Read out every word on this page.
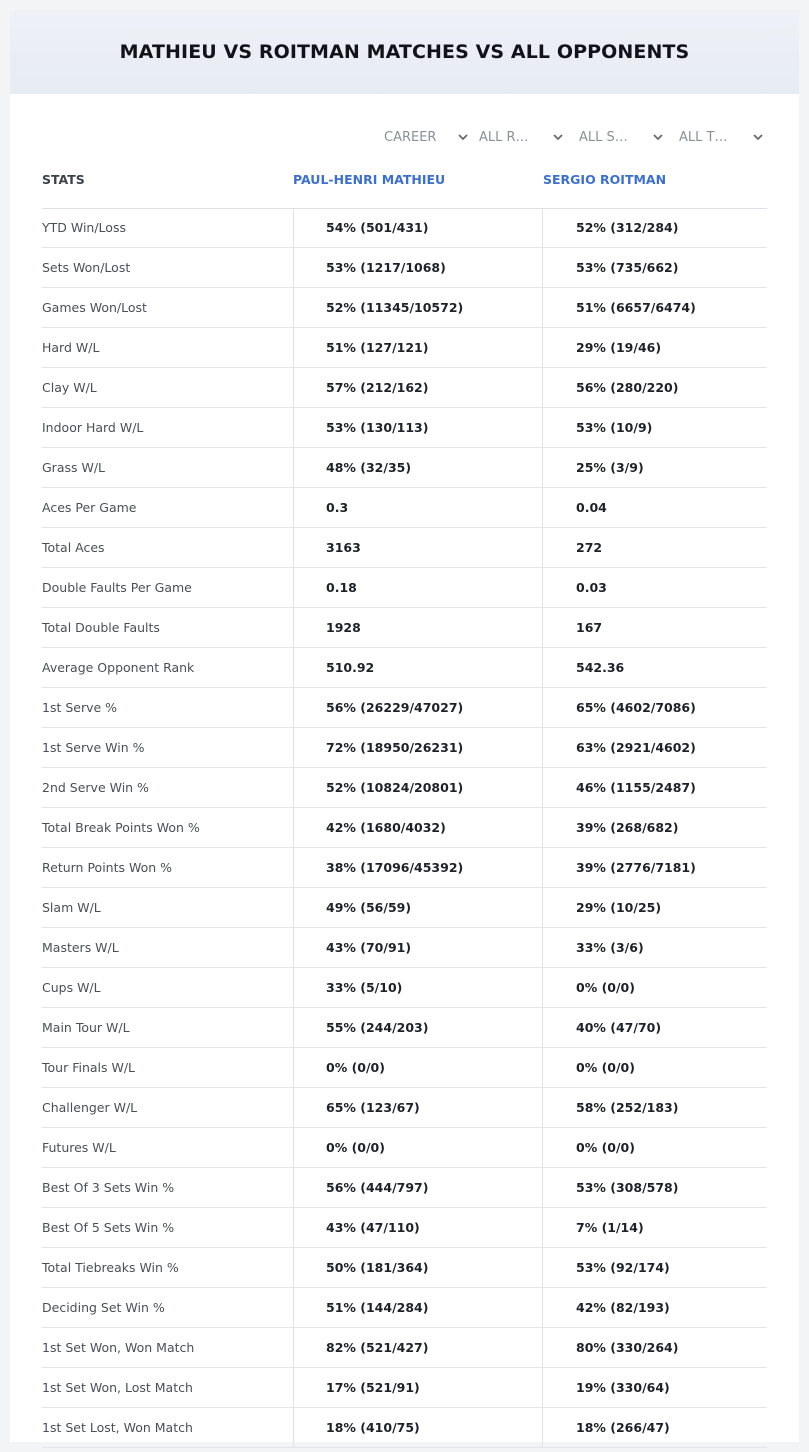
MATHIEU VS ROITMAN MATCHES VS ALL OPPONENTS
CAREER	ALL R…	ALL S…	ALL T…
STATS	PAUL-HENRI MATHIEU	SERGIO ROITMAN
YTD Win/Loss	54% (501/431)	52% (312/284)
Sets Won/Lost	53% (1217/1068)	53% (735/662)
Games Won/Lost	52% (11345/10572)	51% (6657/6474)
Hard W/L	51% (127/121)	29% (19/46)
Clay W/L	57% (212/162)	56% (280/220)
Indoor Hard W/L	53% (130/113)	53% (10/9)
Grass W/L	48% (32/35)	25% (3/9)
Aces Per Game	0.3	0.04
Total Aces	3163	272
Double Faults Per Game	0.18	0.03
Total Double Faults	1928	167
Average Opponent Rank	510.92	542.36
1st Serve %	56% (26229/47027)	65% (4602/7086)
1st Serve Win %	72% (18950/26231)	63% (2921/4602)
2nd Serve Win %	52% (10824/20801)	46% (1155/2487)
Total Break Points Won %	42% (1680/4032)	39% (268/682)
Return Points Won %	38% (17096/45392)	39% (2776/7181)
Slam W/L	49% (56/59)	29% (10/25)
Masters W/L	43% (70/91)	33% (3/6)
Cups W/L	33% (5/10)	0% (0/0)
Main Tour W/L	55% (244/203)	40% (47/70)
Tour Finals W/L	0% (0/0)	0% (0/0)
Challenger W/L	65% (123/67)	58% (252/183)
Futures W/L	0% (0/0)	0% (0/0)
Best Of 3 Sets Win %	56% (444/797)	53% (308/578)
Best Of 5 Sets Win %	43% (47/110)	7% (1/14)
Total Tiebreaks Win %	50% (181/364)	53% (92/174)
Deciding Set Win %	51% (144/284)	42% (82/193)
1st Set Won, Won Match	82% (521/427)	80% (330/264)
1st Set Won, Lost Match	17% (521/91)	19% (330/64)
1st Set Lost, Won Match	18% (410/75)	18% (266/47)
